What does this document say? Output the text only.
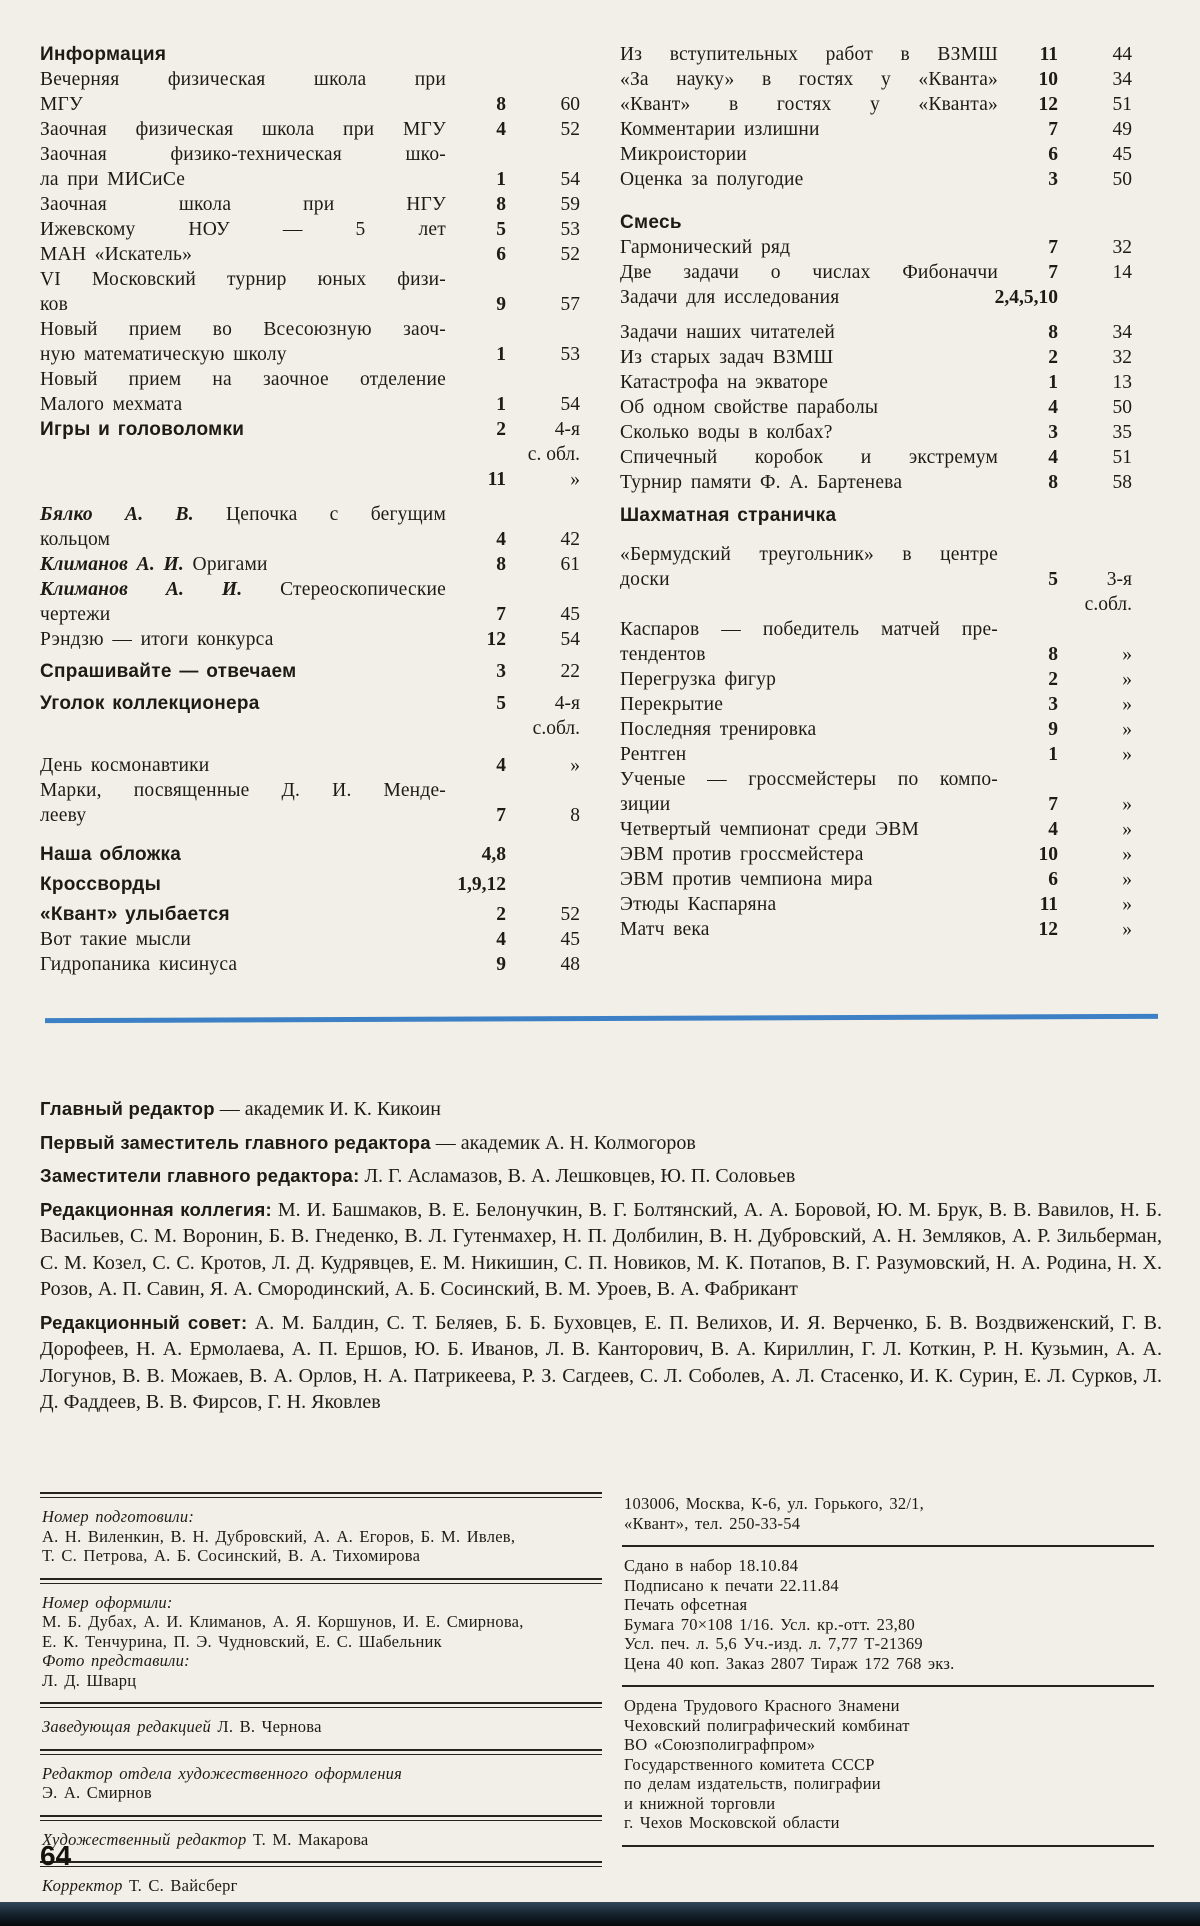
Информация
Вечерняя физическая школа при
МГУ	8	60
Заочная физическая школа при МГУ	4	52
Заочная физико-техническая шко-
ла при МИСиСе	1	54
Заочная школа при НГУ	8	59
Ижевскому НОУ — 5 лет	5	53
МАН «Искатель»	6	52
VI Московский турнир юных физи-
ков	9	57
Новый прием во Всесоюзную заоч-
ную математическую школу	1	53
Новый прием на заочное отделение
Малого мехмата	1	54
Игры и головоломки	2	4-я
с. обл.
11	»
Бялко А. В. Цепочка с бегущим
кольцом	4	42
Климанов А. И. Оригами	8	61
Климанов А. И. Стереоскопические
чертежи	7	45
Рэндзю — итоги конкурса	12	54
Спрашивайте — отвечаем	3	22
Уголок коллекционера	5	4-я
с.обл.
День космонавтики	4	»
Марки, посвященные Д. И. Менде-
лееву	7	8
Наша обложка	4,8
Кроссворды	1,9,12
«Квант» улыбается	2	52
Вот такие мысли	4	45
Гидропаника кисинуса	9	48
Из вступительных работ в ВЗМШ	11	44
«За науку» в гостях у «Кванта»	10	34
«Квант» в гостях у «Кванта»	12	51
Комментарии излишни	7	49
Микроистории	6	45
Оценка за полугодие	3	50
Смесь
Гармонический ряд	7	32
Две задачи о числах Фибоначчи	7	14
Задачи для исследования	2,4,5,10
Задачи наших читателей	8	34
Из старых задач ВЗМШ	2	32
Катастрофа на экваторе	1	13
Об одном свойстве параболы	4	50
Сколько воды в колбах?	3	35
Спичечный коробок и экстремум	4	51
Турнир памяти Ф. А. Бартенева	8	58
Шахматная страничка
«Бермудский треугольник» в центре
доски	5	3-я
с.обл.
Каспаров — победитель матчей пре-
тендентов	8	»
Перегрузка фигур	2	»
Перекрытие	3	»
Последняя тренировка	9	»
Рентген	1	»
Ученые — гроссмейстеры по компо-
зиции	7	»
Четвертый чемпионат среди ЭВМ	4	»
ЭВМ против гроссмейстера	10	»
ЭВМ против чемпиона мира	6	»
Этюды Каспаряна	11	»
Матч века	12	»

Главный редактор — академик И. К. Кикоин

Первый заместитель главного редактора — академик А. Н. Колмогоров

Заместители главного редактора: Л. Г. Асламазов, В. А. Лешковцев, Ю. П. Соловьев

Редакционная коллегия: М. И. Башмаков, В. Е. Белонучкин, В. Г. Болтянский, А. А. Боровой, Ю. М. Брук, В. В. Вавилов, Н. Б. Васильев, С. М. Воронин, Б. В. Гнеденко, В. Л. Гутенмахер, Н. П. Долбилин, В. Н. Дубровский, А. Н. Земляков, А. Р. Зильберман, С. М. Козел, С. С. Кротов, Л. Д. Кудрявцев, Е. М. Никишин, С. П. Новиков, М. К. Потапов, В. Г. Разумовский, Н. А. Родина, Н. Х. Розов, А. П. Савин, Я. А. Смородинский, А. Б. Сосинский, В. М. Уроев, В. А. Фабрикант

Редакционный совет: А. М. Балдин, С. Т. Беляев, Б. Б. Буховцев, Е. П. Велихов, И. Я. Верченко, Б. В. Воздвиженский, Г. В. Дорофеев, Н. А. Ермолаева, А. П. Ершов, Ю. Б. Иванов, Л. В. Канторович, В. А. Кириллин, Г. Л. Коткин, Р. Н. Кузьмин, А. А. Логунов, В. В. Можаев, В. А. Орлов, Н. А. Патрикеева, Р. З. Сагдеев, С. Л. Соболев, А. Л. Стасенко, И. К. Сурин, Е. Л. Сурков, Л. Д. Фаддеев, В. В. Фирсов, Г. Н. Яковлев

Номер подготовили:
А. Н. Виленкин, В. Н. Дубровский, А. А. Егоров, Б. М. Ивлев,
Т. С. Петрова, А. Б. Сосинский, В. А. Тихомирова
Номер оформили:
М. Б. Дубах, А. И. Климанов, А. Я. Коршунов, И. Е. Смирнова,
Е. К. Тенчурина, П. Э. Чудновский, Е. С. Шабельник
Фото представили:
Л. Д. Шварц
Заведующая редакцией Л. В. Чернова
Редактор отдела художественного оформления
Э. А. Смирнов
Художественный редактор Т. М. Макарова
Корректор Т. С. Вайсберг
103006, Москва, К-6, ул. Горького, 32/1,
«Квант», тел. 250-33-54
Сдано в набор 18.10.84
Подписано к печати 22.11.84
Печать офсетная
Бумага 70×108 1/16. Усл. кр.-отт. 23,80
Усл. печ. л. 5,6 Уч.-изд. л. 7,77 Т-21369
Цена 40 коп. Заказ 2807 Тираж 172 768 экз.
Ордена Трудового Красного Знамени
Чеховский полиграфический комбинат
ВО «Союзполиграфпром»
Государственного комитета СССР
по делам издательств, полиграфии
и книжной торговли
г. Чехов Московской области
64
